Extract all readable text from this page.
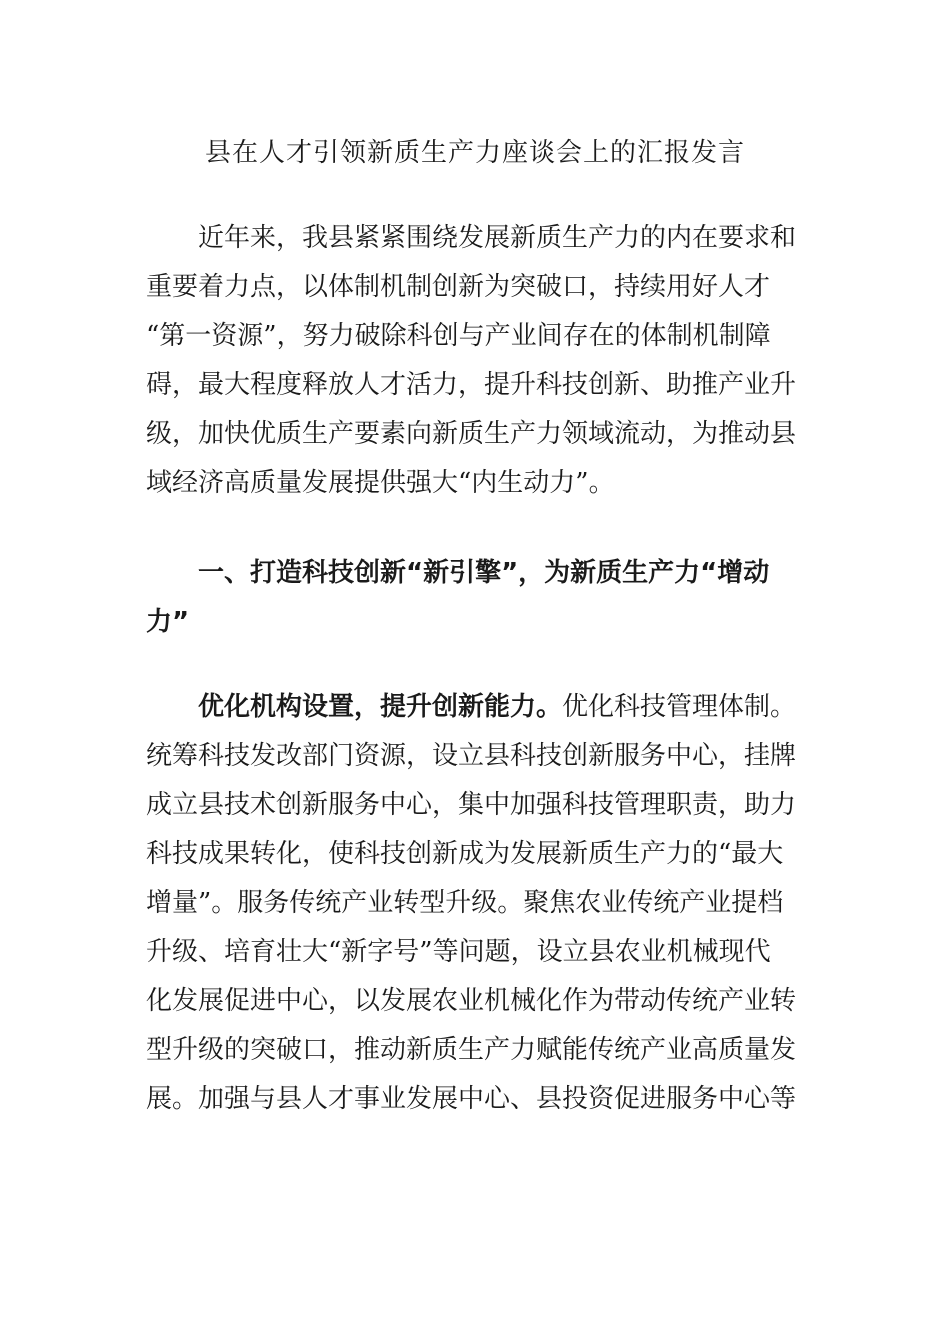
县在人才引领新质生产力座谈会上的汇报发言
近年来，我县紧紧围绕发展新质生产力的内在要求和
重要着力点，以体制机制创新为突破口，持续用好人才
“第一资源”，努力破除科创与产业间存在的体制机制障
碍，最大程度释放人才活力，提升科技创新、助推产业升
级，加快优质生产要素向新质生产力领域流动，为推动县
域经济高质量发展提供强大“内生动力”。
一、打造科技创新“新引擎”，为新质生产力“增动
力”
优化机构设置，提升创新能力。优化科技管理体制。
统筹科技发改部门资源，设立县科技创新服务中心，挂牌
成立县技术创新服务中心，集中加强科技管理职责，助力
科技成果转化，使科技创新成为发展新质生产力的“最大
增量”。服务传统产业转型升级。聚焦农业传统产业提档
升级、培育壮大“新字号”等问题，设立县农业机械现代
化发展促进中心，以发展农业机械化作为带动传统产业转
型升级的突破口，推动新质生产力赋能传统产业高质量发
展。加强与县人才事业发展中心、县投资促进服务中心等
